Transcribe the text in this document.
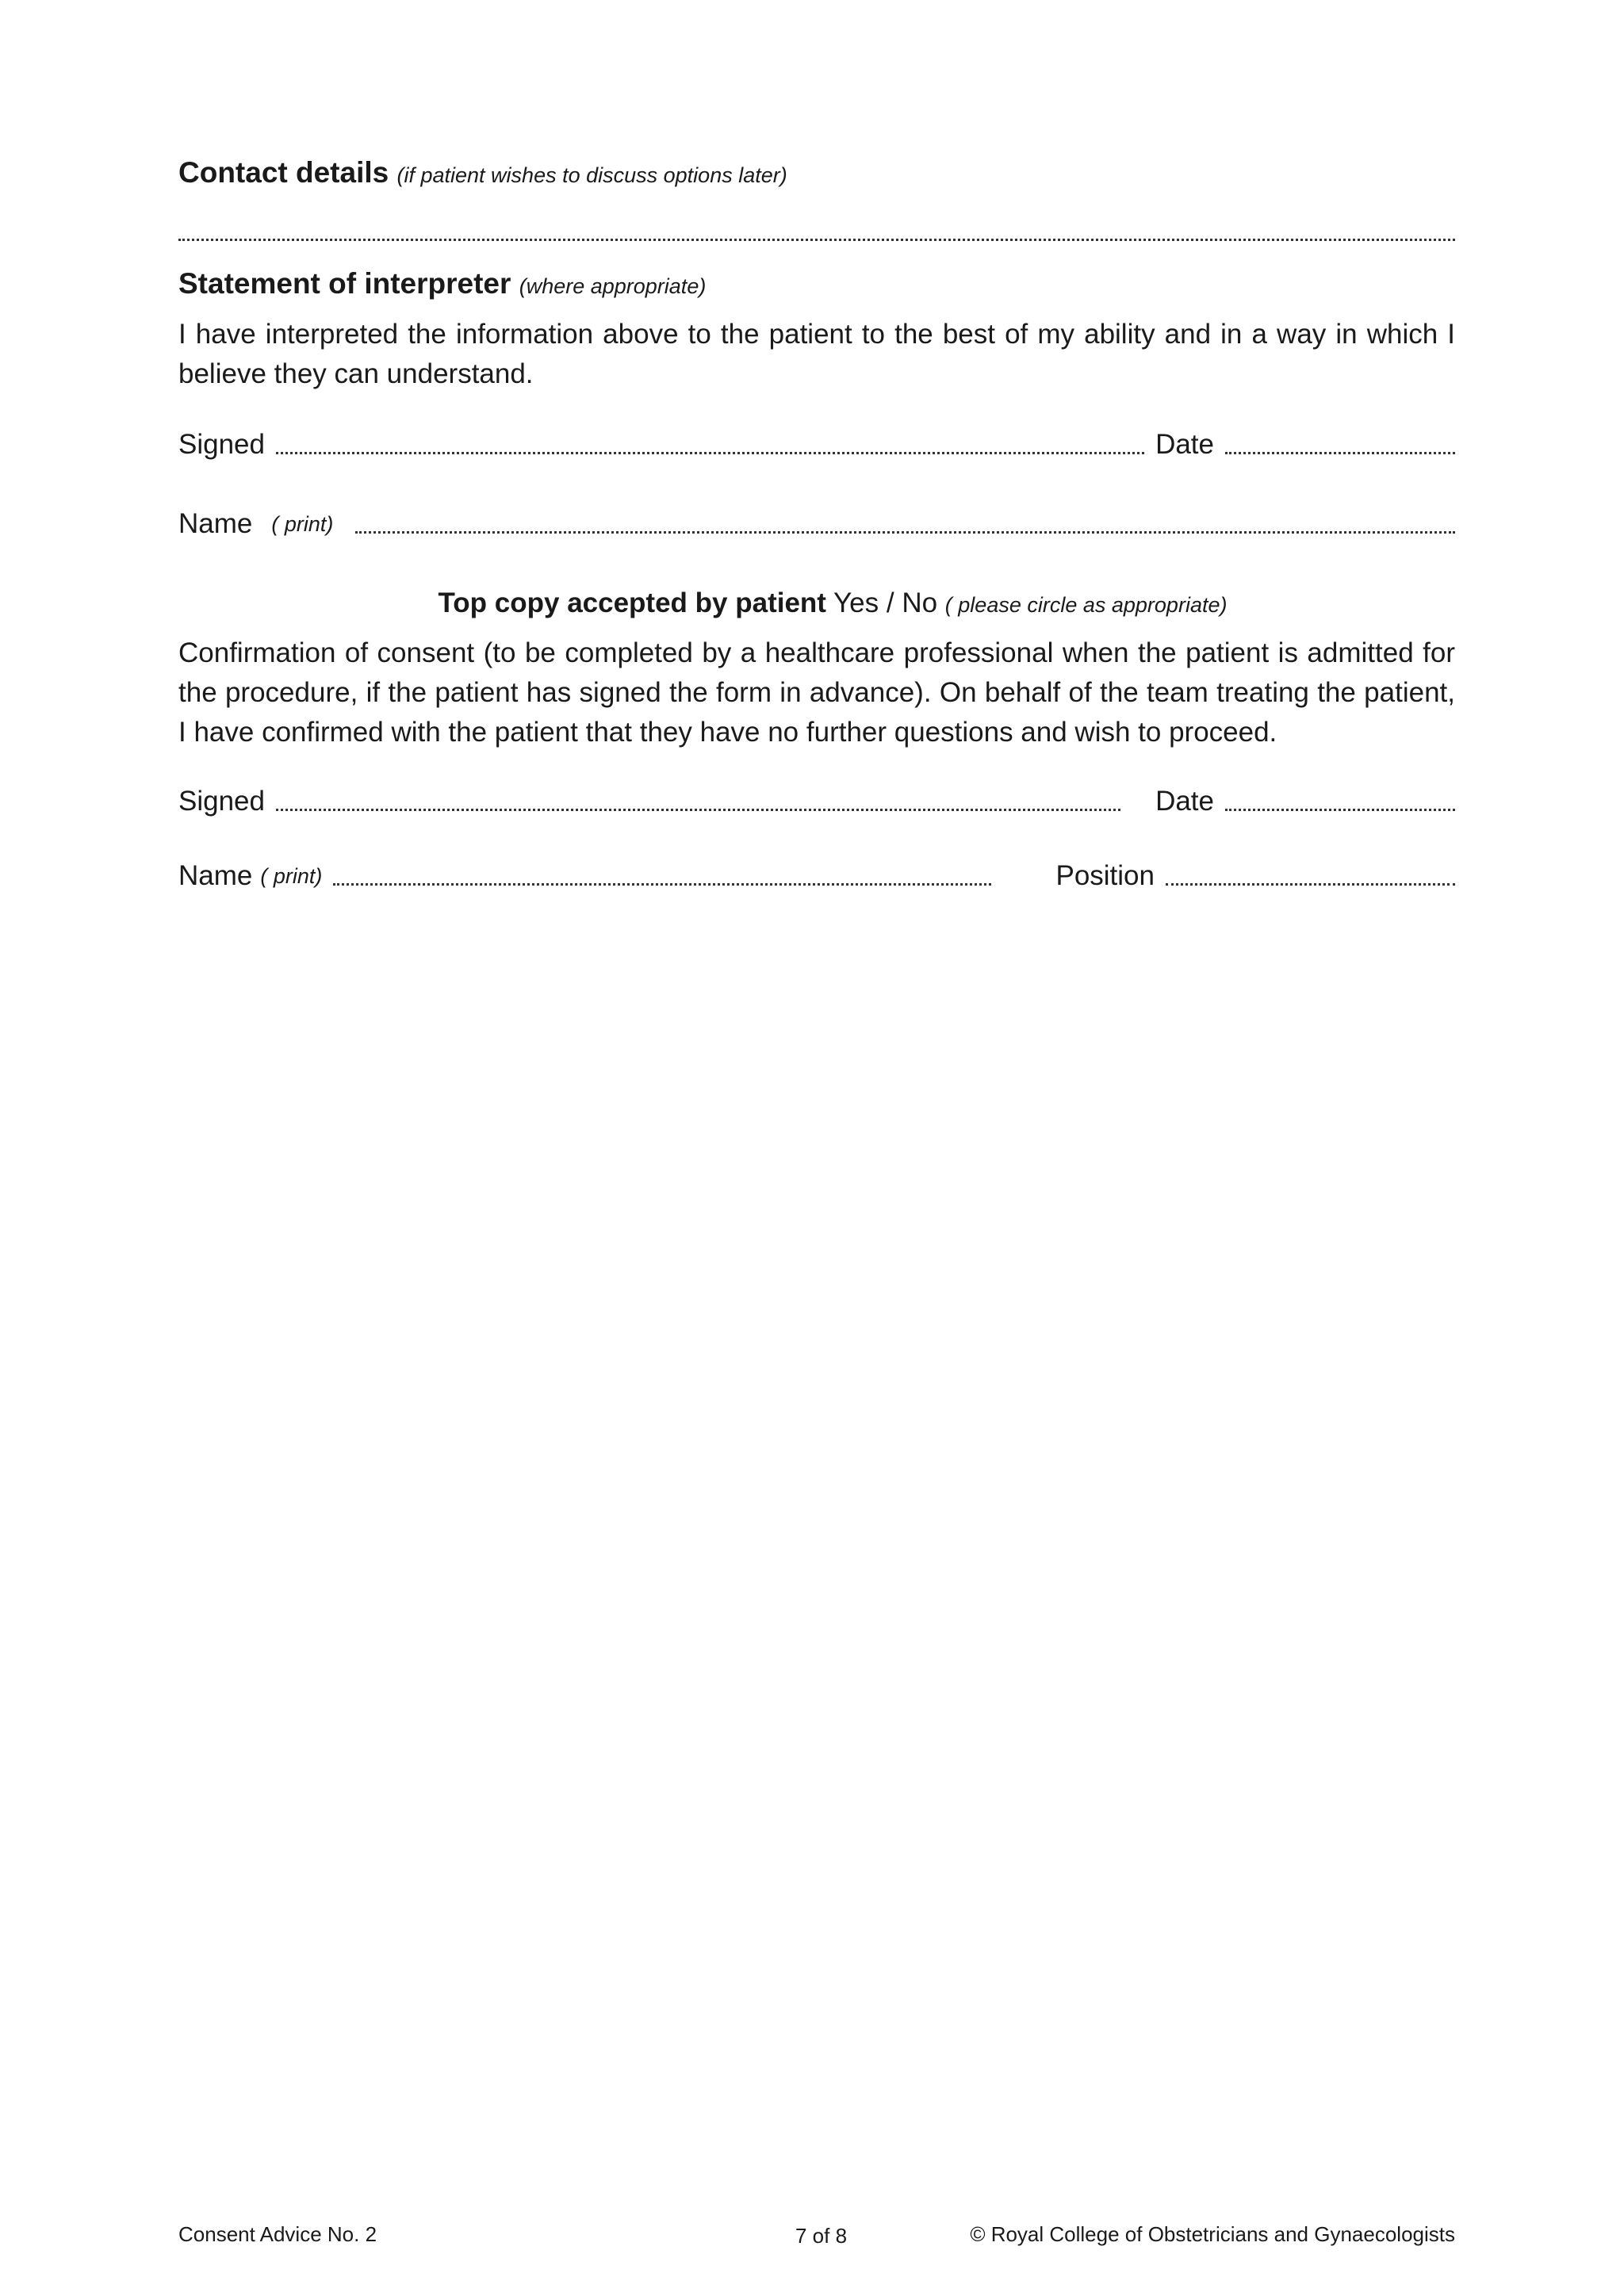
Contact details (if patient wishes to discuss options later)
Statement of interpreter (where appropriate)
I have interpreted the information above to the patient to the best of my ability and in a way in which I believe they can understand.
Signed	Date
Name ( print)
Top copy accepted by patient Yes / No ( please circle as appropriate)
Confirmation of consent (to be completed by a healthcare professional when the patient is admitted for the procedure, if the patient has signed the form in advance). On behalf of the team treating the patient, I have confirmed with the patient that they have no further questions and wish to proceed.
Signed	Date
Name ( print)	Position
Consent Advice No. 2	7 of 8	© Royal College of Obstetricians and Gynaecologists
